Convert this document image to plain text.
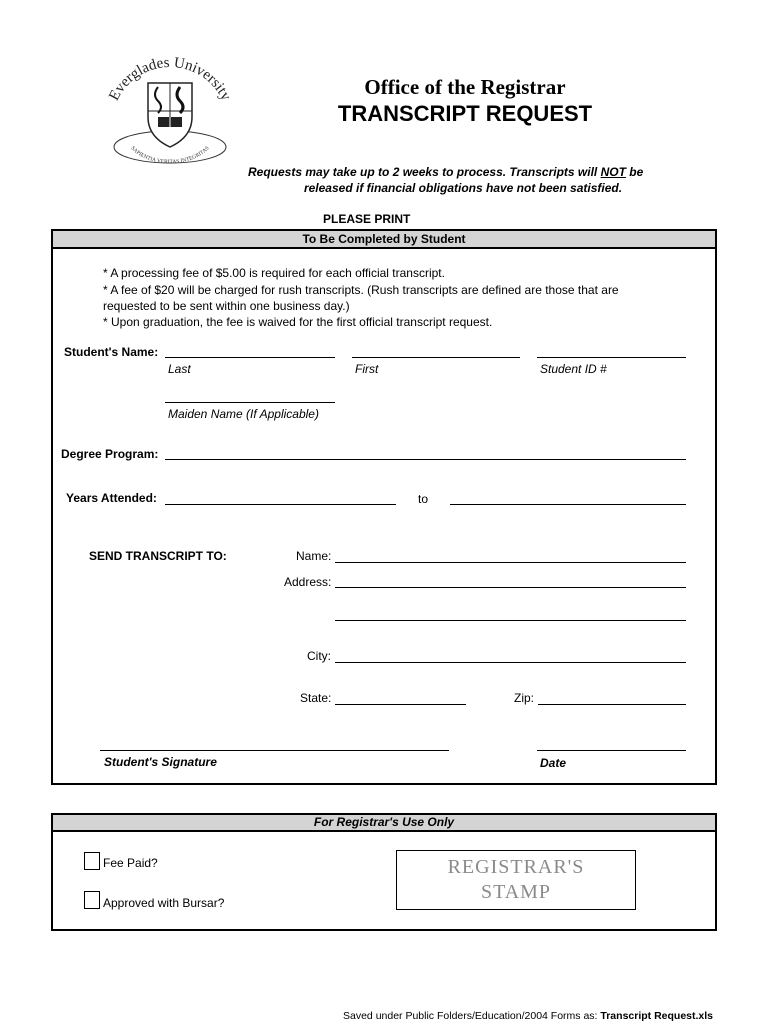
Everglades University
SAPIENTIA VERITAS INTEGRITAS
Office of the Registrar
TRANSCRIPT REQUEST
Requests may take up to 2 weeks to process. Transcripts will NOT be
released if financial obligations have not been satisfied.
PLEASE PRINT
To Be Completed by Student
* A processing fee of $5.00 is required for each official transcript.
* A fee of $20 will be charged for rush transcripts. (Rush transcripts are defined are those that are
requested to be sent within one business day.)
* Upon graduation, the fee is waived for the first official transcript request.
Student's Name:
Last	First	Student ID #
Maiden Name (If Applicable)
Degree Program:
Years Attended:	to
SEND TRANSCRIPT TO:	Name:
Address:
City:
State:	Zip:
Student's Signature	Date
For Registrar's Use Only
Fee Paid?
Approved with Bursar?
REGISTRAR'S
STAMP
Saved under Public Folders/Education/2004 Forms as: Transcript Request.xls
